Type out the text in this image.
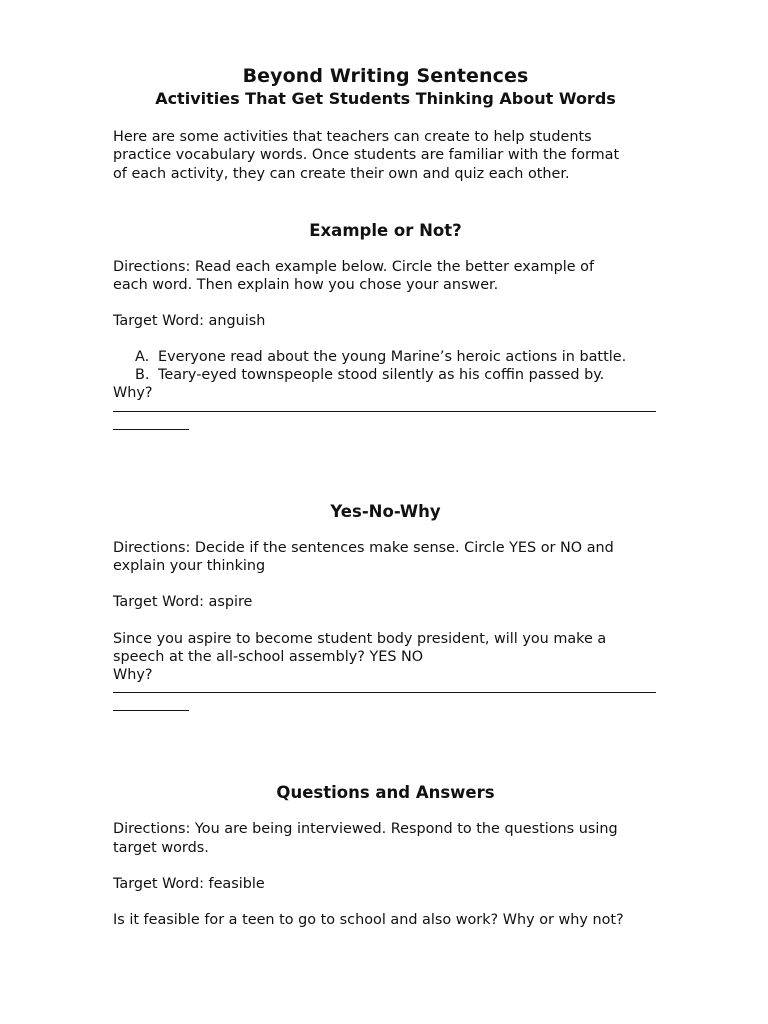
Beyond Writing Sentences
Activities That Get Students Thinking About Words

Here are some activities that teachers can create to help students

practice vocabulary words. Once students are familiar with the format

of each activity, they can create their own and quiz each other.

Example or Not?

Directions: Read each example below. Circle the better example of

each word. Then explain how you chose your answer.

Target Word: anguish

A. Everyone read about the young Marine’s heroic actions in battle.
B. Teary-eyed townspeople stood silently as his coffin passed by.

Why?

Yes-No-Why

Directions: Decide if the sentences make sense. Circle YES or NO and

explain your thinking

Target Word: aspire

Since you aspire to become student body president, will you make a

speech at the all-school assembly? YES NO

Why?

Questions and Answers

Directions: You are being interviewed. Respond to the questions using

target words.

Target Word: feasible

Is it feasible for a teen to go to school and also work? Why or why not?
